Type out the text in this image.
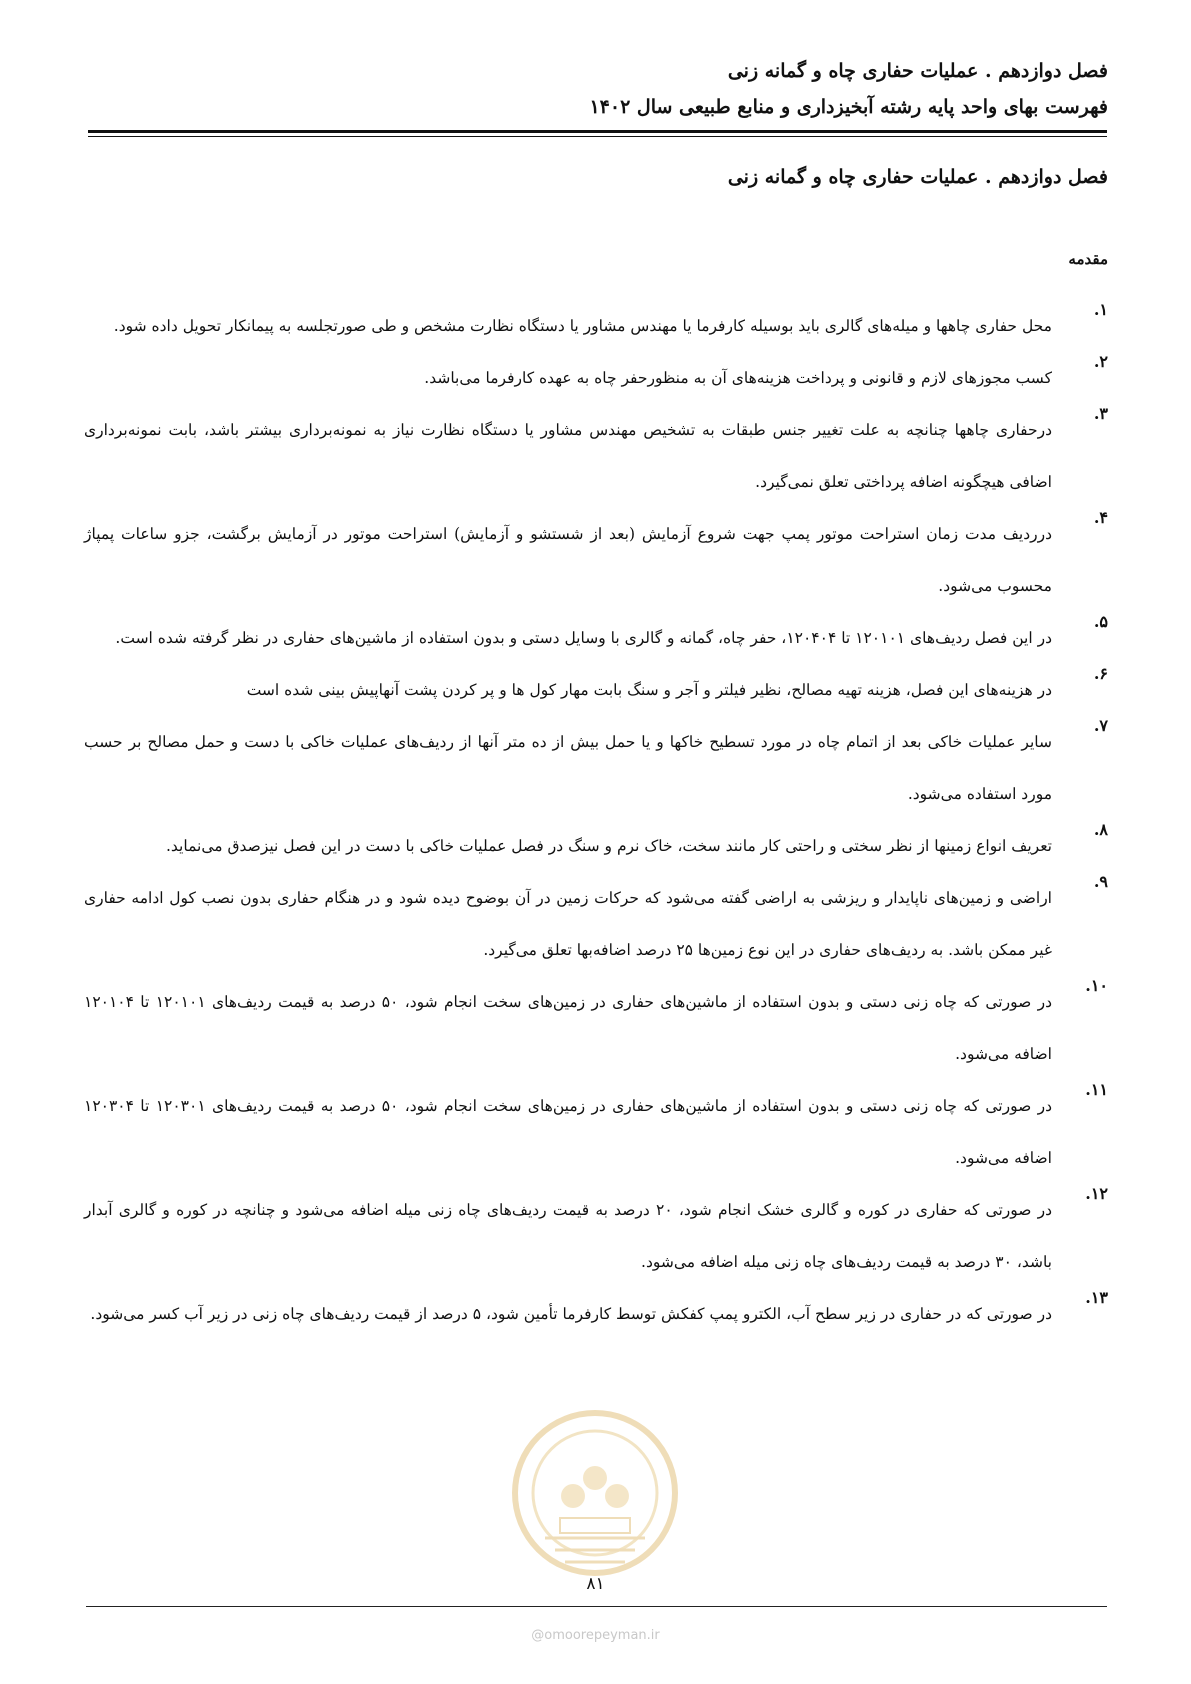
فصل دوازدهم . عملیات حفاری چاه و گمانه زنی
فهرست بهای واحد پایه رشته آبخیزداری و منابع طبیعی سال ۱۴۰۲
فصل دوازدهم . عملیات حفاری چاه و گمانه زنی
مقدمه
۱.
محل حفاری چاهها و میله‌های گالری باید بوسیله کارفرما یا مهندس مشاور یا دستگاه نظارت مشخص و طی صورتجلسه به پیمانکار تحویل داده شود.
۲.
کسب مجوزهای لازم و قانونی و پرداخت هزینه‌های آن به منظورحفر چاه به عهده کارفرما می‌باشد.
۳.
درحفاری چاهها چنانچه به علت تغییر جنس طبقات به تشخیص مهندس مشاور یا دستگاه نظارت نیاز به نمونه‌برداری بیشتر باشد، بابت نمونه‌برداری اضافی هیچگونه اضافه پرداختی تعلق نمی‌گیرد.
۴.
درردیف مدت زمان استراحت موتور پمپ جهت شروع آزمایش (بعد از شستشو و آزمایش) استراحت موتور در آزمایش برگشت، جزو ساعات پمپاژ محسوب می‌شود.
۵.
در این فصل ردیف‌های ۱۲۰۱۰۱ تا ۱۲۰۴۰۴، حفر چاه، گمانه و گالری با وسایل دستی و بدون استفاده از ماشین‌های حفاری در نظر گرفته شده است.
۶.
در هزینه‌های این فصل، هزینه تهیه مصالح، نظیر فیلتر و آجر و سنگ بابت مهار کول ها و پر کردن پشت آنهاپیش بینی شده است
۷.
سایر عملیات خاکی بعد از اتمام چاه در مورد تسطیح خاکها و یا حمل بیش از ده متر آنها از ردیف‌های عملیات خاکی با دست و حمل مصالح بر حسب مورد استفاده می‌شود.
۸.
تعریف انواع زمینها از نظر سختی و راحتی کار مانند سخت، خاک نرم و سنگ در فصل عملیات خاکی با دست در این فصل نیزصدق می‌نماید.
۹.
اراضی و زمین‌های ناپایدار و ریزشی به اراضی گفته می‌شود که حرکات زمین در آن بوضوح دیده شود و در هنگام حفاری بدون نصب کول ادامه حفاری غیر ممکن باشد. به ردیف‌های حفاری در این نوع زمین‌ها ۲۵ درصد اضافه‌بها تعلق می‌گیرد.
۱۰.
در صورتی که چاه زنی دستی و بدون استفاده از ماشین‌های حفاری در زمین‌های سخت انجام شود، ۵۰ درصد به قیمت ردیف‌های ۱۲۰۱۰۱ تا ۱۲۰۱۰۴ اضافه می‌شود.
۱۱.
در صورتی که چاه زنی دستی و بدون استفاده از ماشین‌های حفاری در زمین‌های سخت انجام شود، ۵۰ درصد به قیمت ردیف‌های ۱۲۰۳۰۱ تا ۱۲۰۳۰۴ اضافه می‌شود.
۱۲.
در صورتی که حفاری در کوره و گالری خشک انجام شود، ۲۰ درصد به قیمت ردیف‌های چاه زنی میله اضافه می‌شود و چنانچه در کوره و گالری آبدار باشد، ۳۰ درصد به قیمت ردیف‌های چاه زنی میله اضافه می‌شود.
۱۳.
در صورتی که در حفاری در زیر سطح آب، الکترو پمپ کفکش توسط کارفرما تأمین شود، ۵ درصد از قیمت ردیف‌های چاه زنی در زیر آب کسر می‌شود.
۸۱
@omoorepeyman.ir
